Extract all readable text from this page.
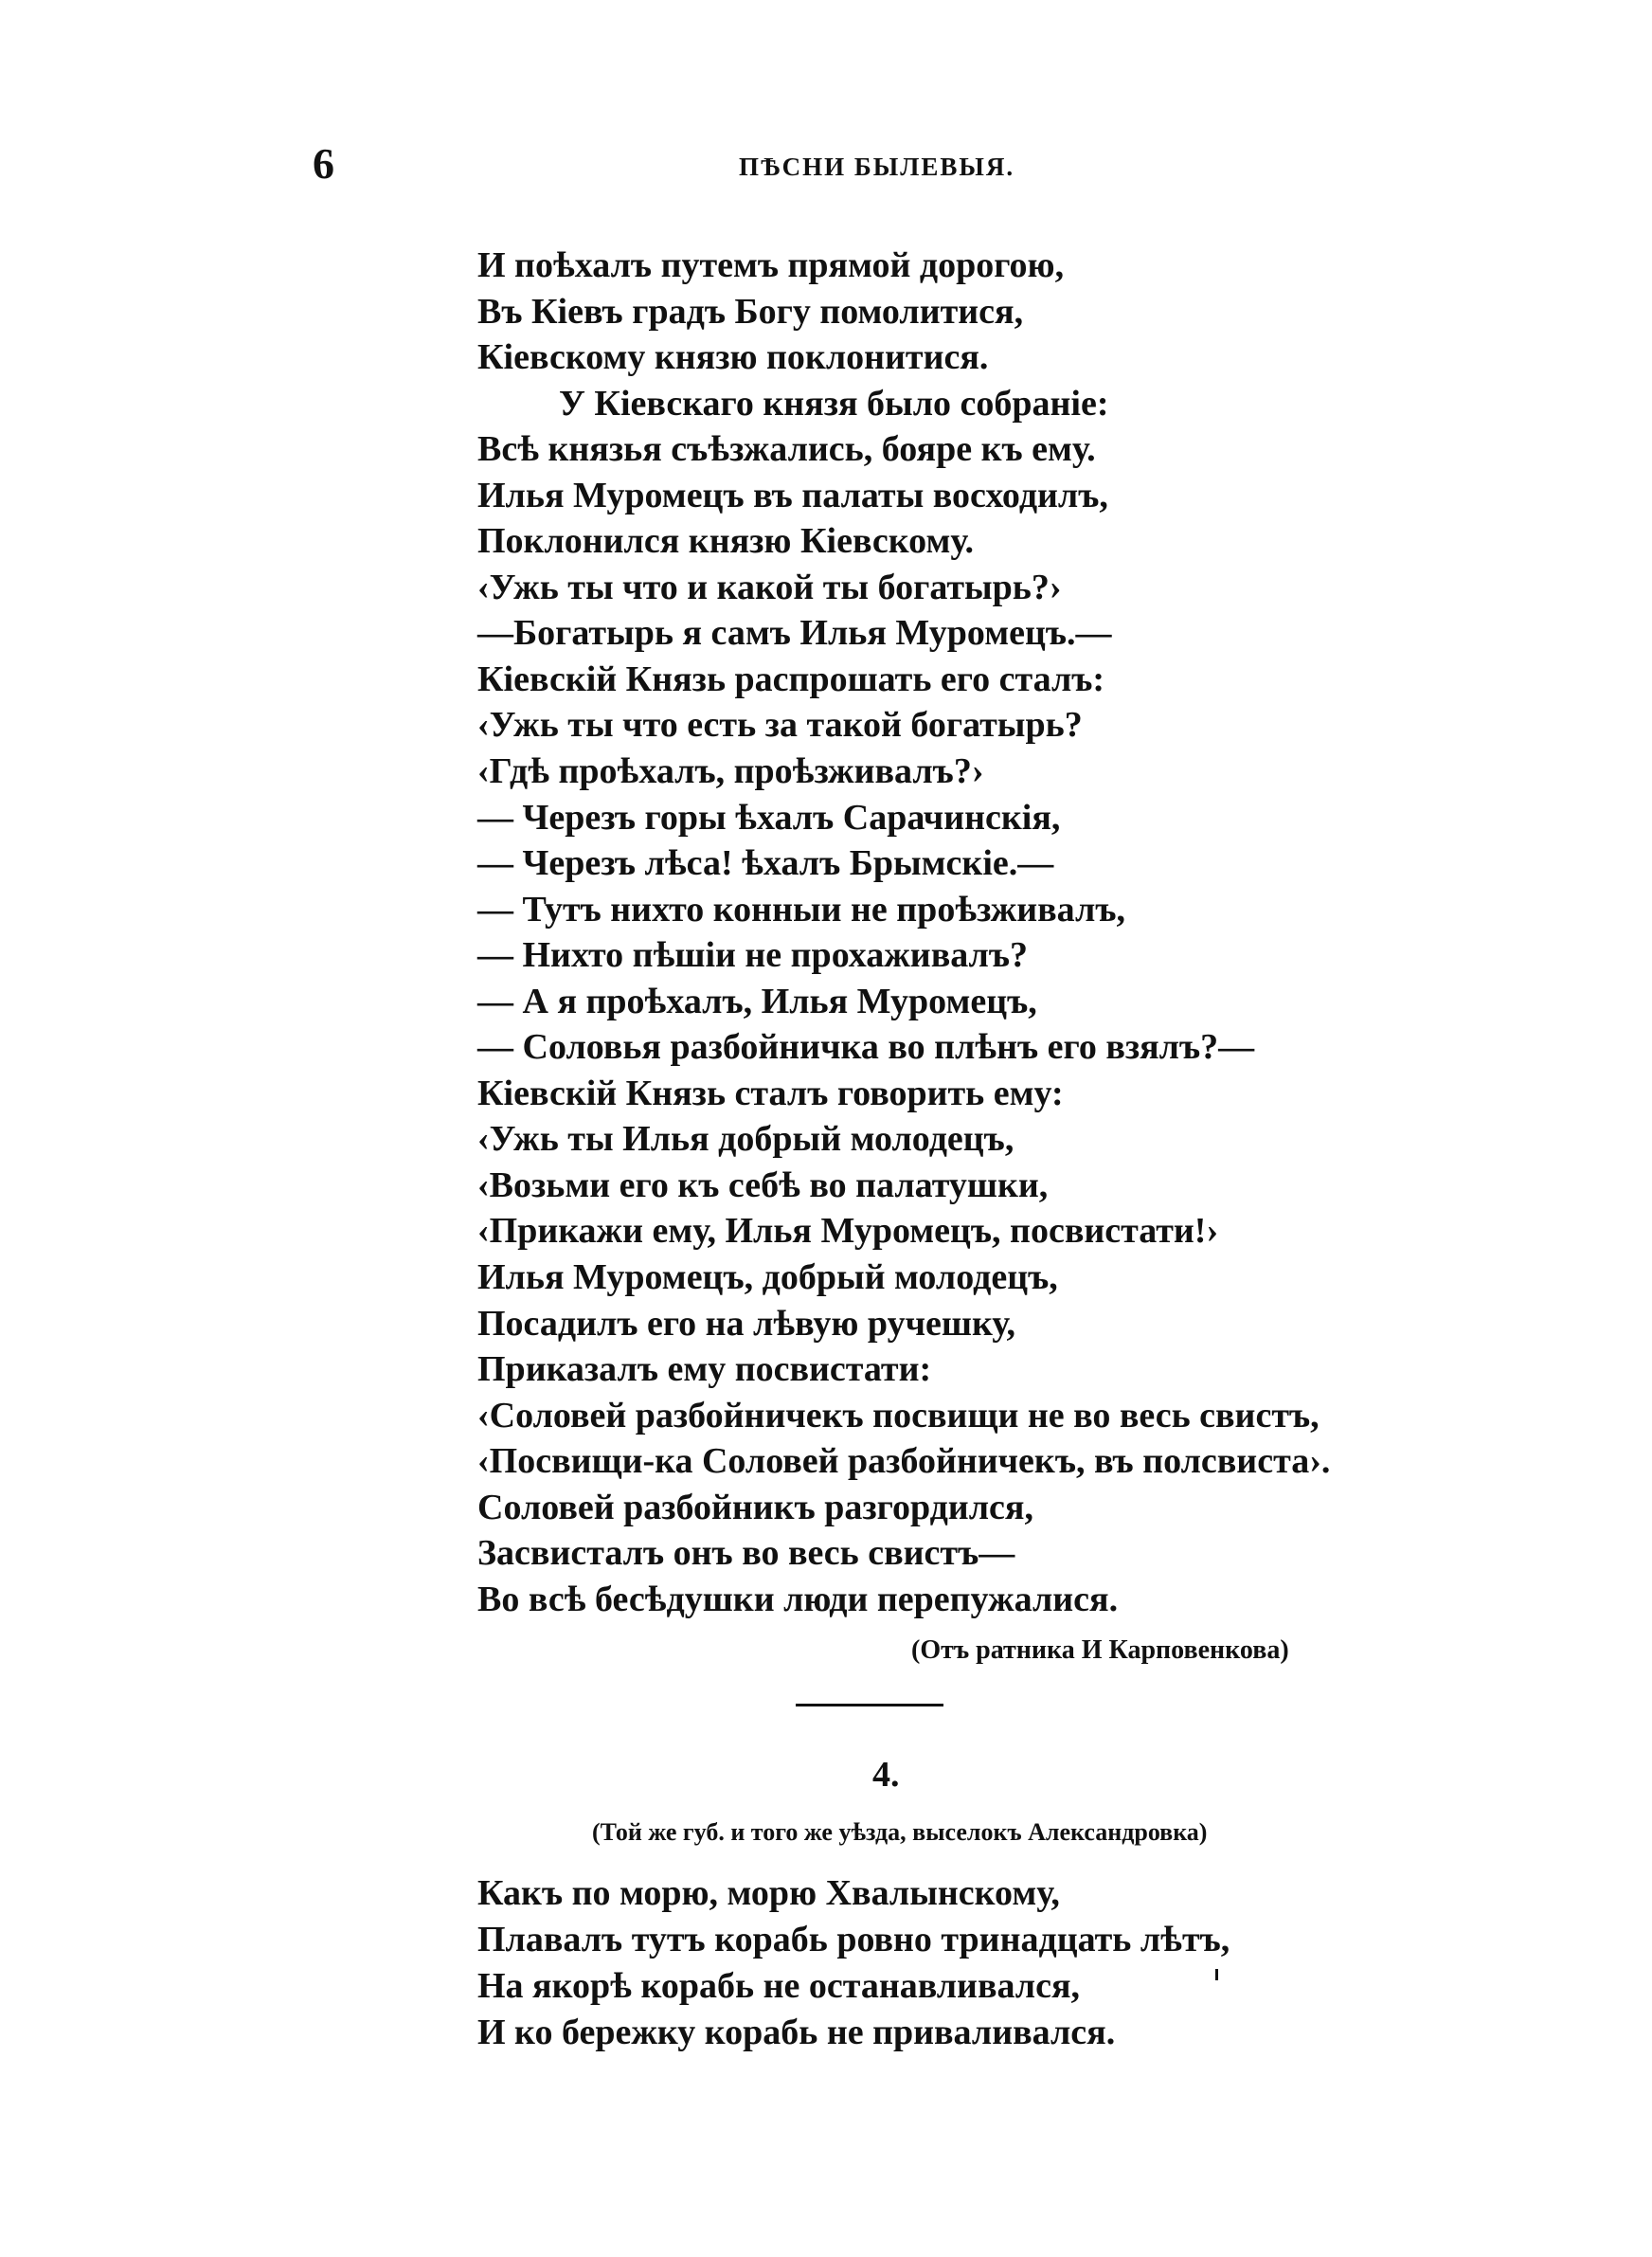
6	ПѢСНИ БЫЛЕВЫЯ.
И поѣхалъ путемъ прямой дорогою,
Въ Кіевъ градъ Богу помолитися,
Кіевскому князю поклонитися.
У Кіевскаго князя было собраніе:
Всѣ князья съѣзжались, бояре къ ему.
Илья Муромецъ въ палаты восходилъ,
Поклонился князю Кіевскому.
‹Ужь ты что и какой ты богатырь?›
—Богатырь я самъ Илья Муромецъ.—
Кіевскій Князь распрошать его сталъ:
‹Ужь ты что есть за такой богатырь?
‹Гдѣ проѣхалъ, проѣзживалъ?›
— Черезъ горы ѣхалъ Сарачинскія,
— Черезъ лѣса! ѣхалъ Брымскіе.—
— Тутъ нихто конныи не проѣзживалъ,
— Нихто пѣшіи не прохаживалъ?
— А я проѣхалъ, Илья Муромецъ,
— Соловья разбойничка во плѣнъ его взялъ?—
Кіевскій Князь сталъ говорить ему:
‹Ужь ты Илья добрый молодецъ,
‹Возьми его къ себѣ во палатушки,
‹Прикажи ему, Илья Муромецъ, посвистати!›
Илья Муромецъ, добрый молодецъ,
Посадилъ его на лѣвую ручешку,
Приказалъ ему посвистати:
‹Соловей разбойничекъ посвищи не во весь свистъ,
‹Посвищи-ка Соловей разбойничекъ, въ полсвиста›.
Соловей разбойникъ разгордился,
Засвисталъ онъ во весь свистъ—
Во всѣ бесѣдушки люди перепужалися.
(Отъ ратника И Карповенкова)
4.
(Той же губ. и того же уѣзда, выселокъ Александровка)
Какъ по морю, морю Хвалынскому,
Плавалъ тутъ корабь ровно тринадцать лѣтъ,
На якорѣ корабь не останавливался,
И ко бережку корабь не приваливался.
